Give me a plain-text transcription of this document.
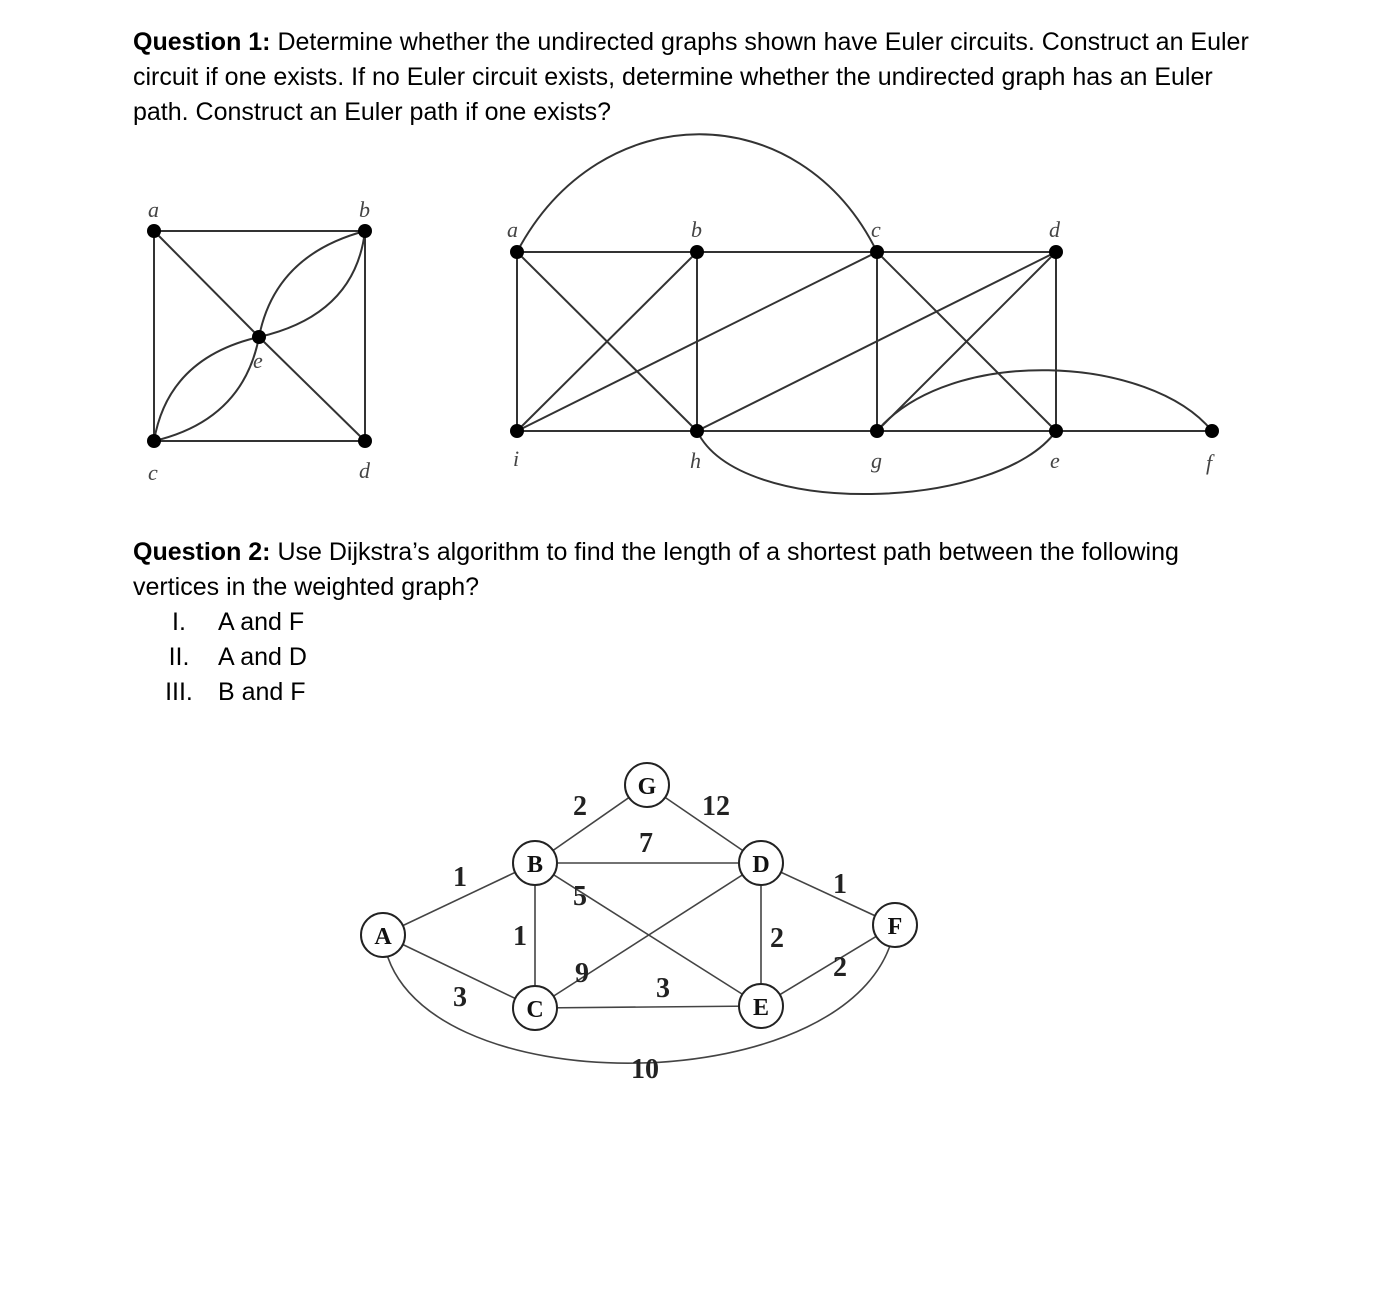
Question 1: Determine whether the undirected graphs shown have Euler circuits. Construct an Euler circuit if one exists. If no Euler circuit exists, determine whether the undirected graph has an Euler path. Construct an Euler path if one exists?
a	b
c	d
e
a	b	c	d
i	h	g	e	f
A
B
C
D
E
F
G
1
3
1
2
7
5
9 3
12
2
1
2
10
Question 2: Use Dijkstra’s algorithm to find the length of a shortest path between the following vertices in the weighted graph?
I.	A and F
II.	A and D
III.	B and F
